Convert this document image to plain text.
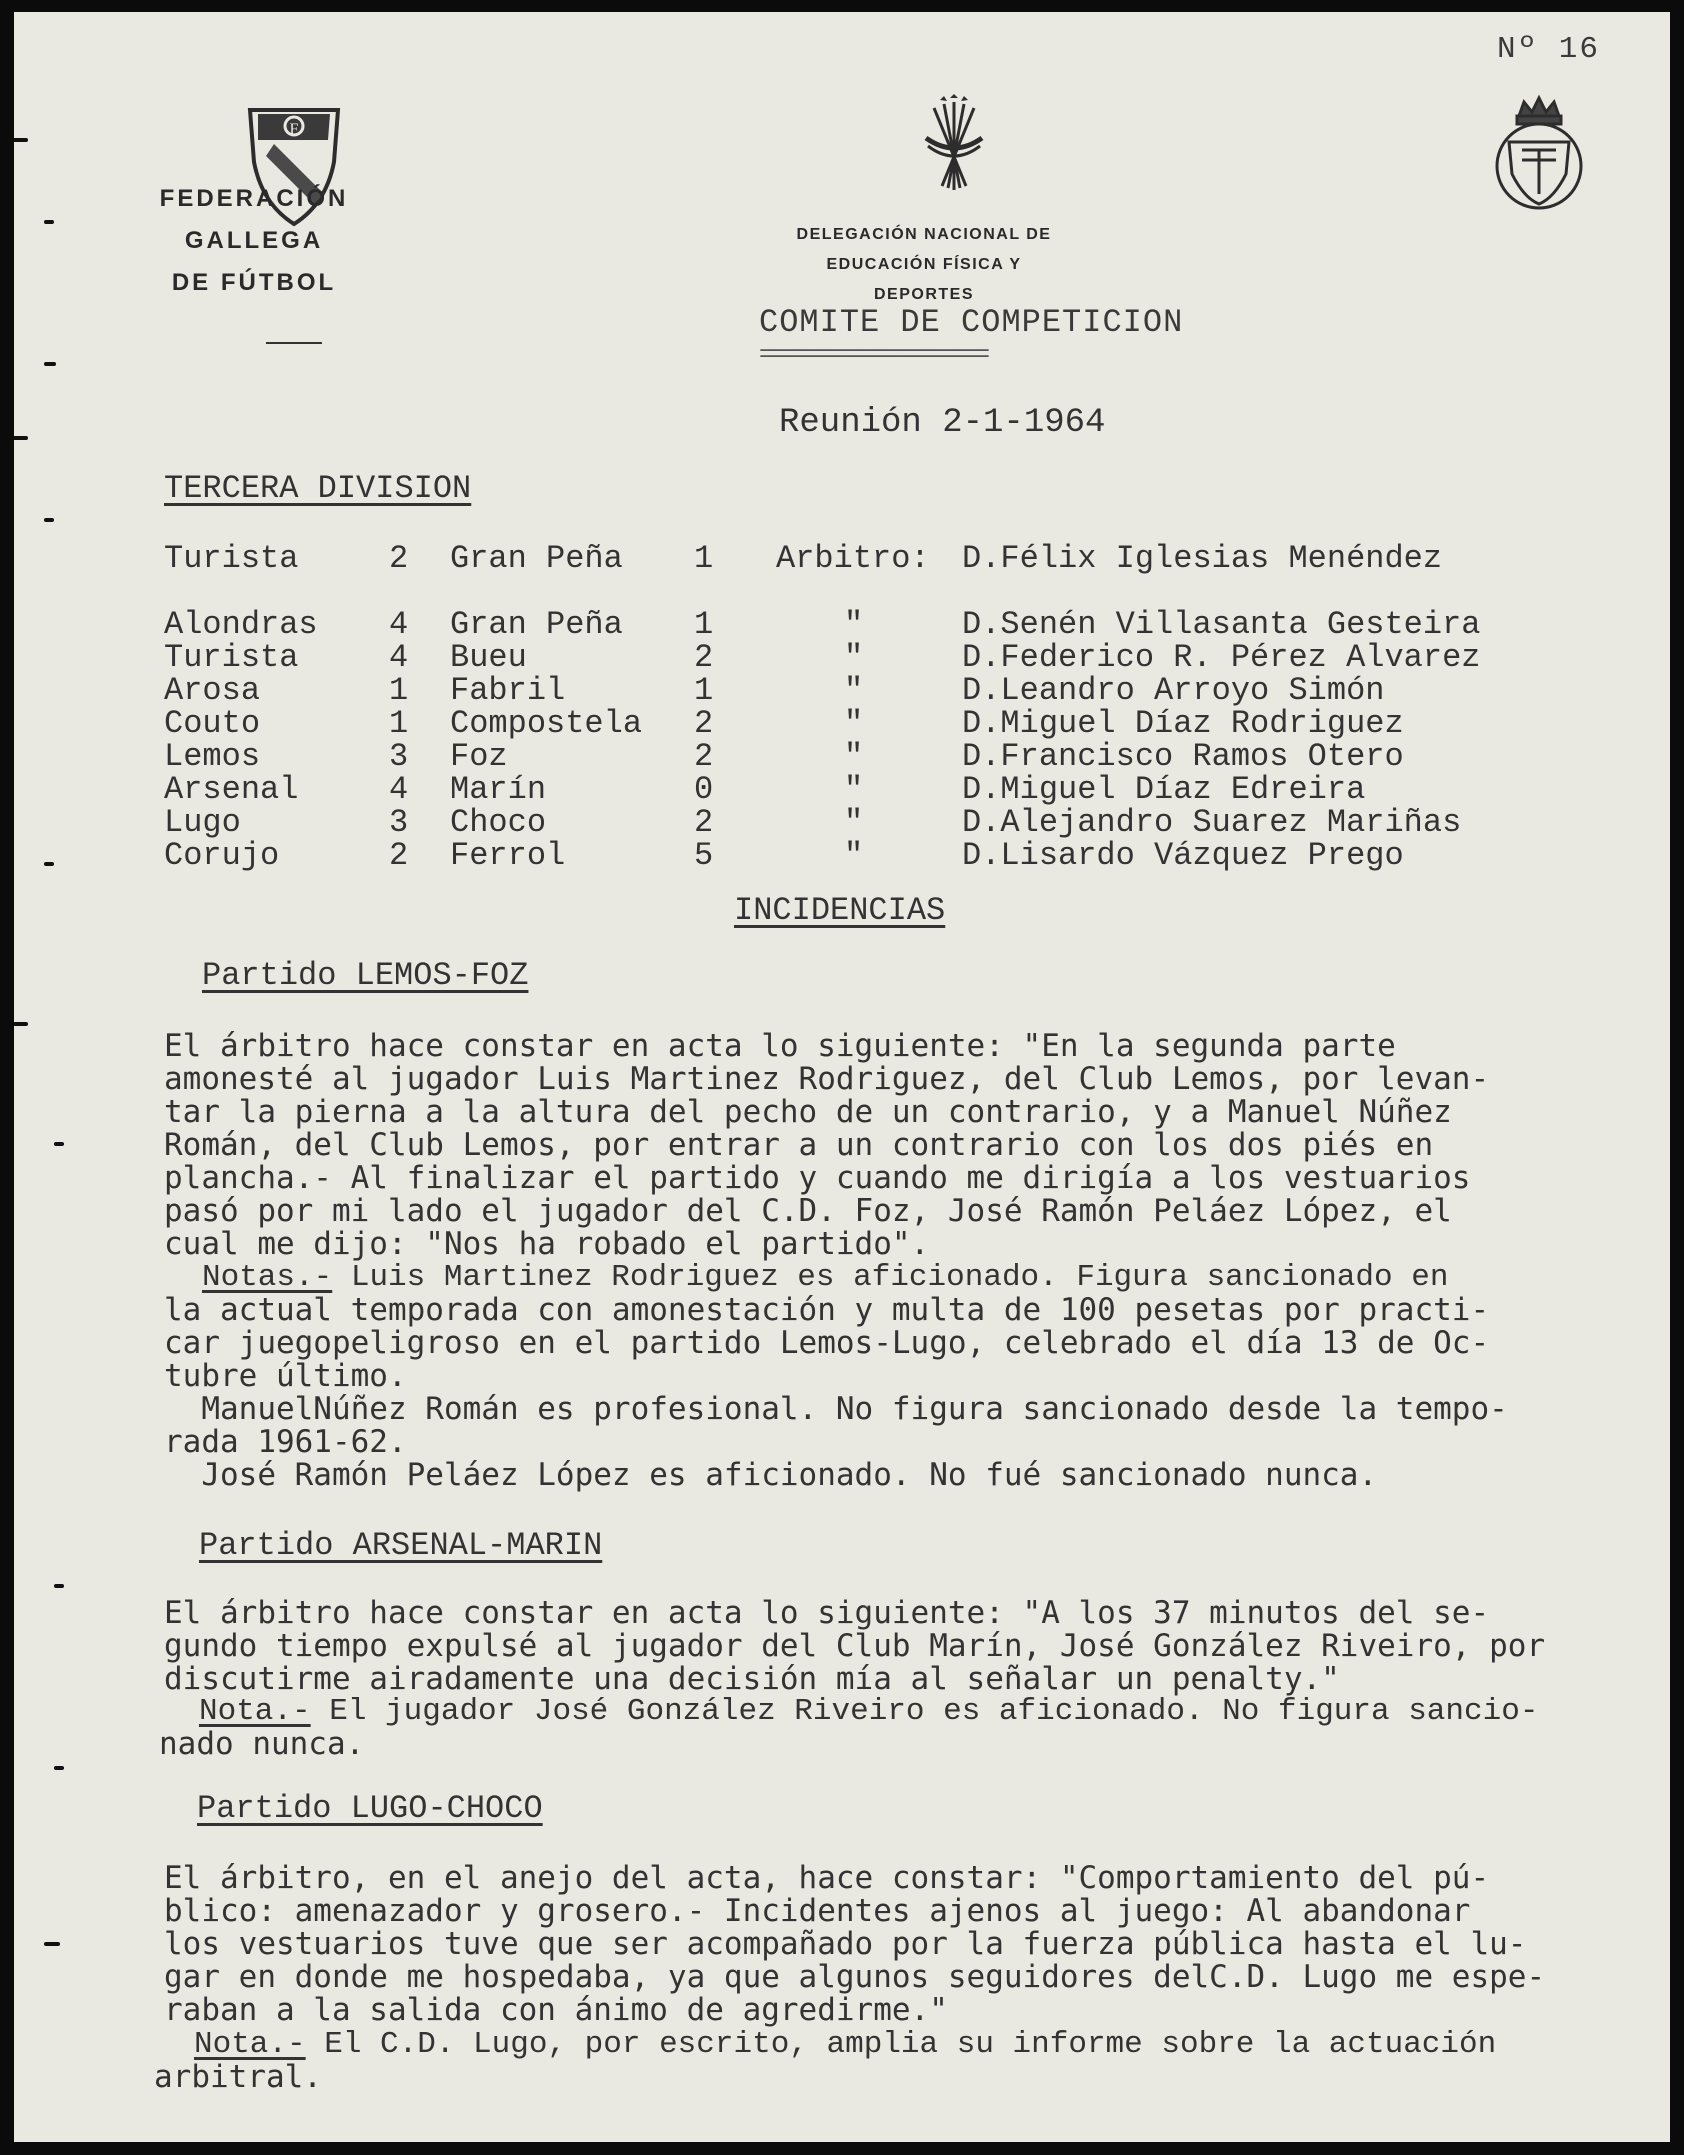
Nº 16
F
FEDERACIÓN GALLEGA
DE FÚTBOL
DELEGACIÓN NACIONAL DE
EDUCACIÓN FÍSICA Y DEPORTES
COMITE DE COMPETICION
====================
Reunión 2-1-1964
TERCERA DIVISION
Turista	2 Gran Peña 1 Arbitro: D.Félix Iglesias Menéndez
Alondras 4 Gran Peña 1	"	D.Senén Villasanta Gesteira
Turista	4 Bueu	2	"	D.Federico R. Pérez Alvarez
Arosa	1 Fabril	1	"	D.Leandro Arroyo Simón
Couto	1 Compostela 2	"	D.Miguel Díaz Rodriguez
Lemos	3 Foz	2	"	D.Francisco Ramos Otero
Arsenal	4 Marín	0	"	D.Miguel Díaz Edreira
Lugo	3 Choco	2	"	D.Alejandro Suarez Mariñas
Corujo	2 Ferrol	5	"	D.Lisardo Vázquez Prego
INCIDENCIAS
Partido LEMOS-FOZ
El árbitro hace constar en acta lo siguiente: "En la segunda parte
amonesté al jugador Luis Martinez Rodriguez, del Club Lemos, por levan-
tar la pierna a la altura del pecho de un contrario, y a Manuel Núñez
Román, del Club Lemos, por entrar a un contrario con los dos piés en
plancha.- Al finalizar el partido y cuando me dirigía a los vestuarios
pasó por mi lado el jugador del C.D. Foz, José Ramón Peláez López, el
cual me dijo: "Nos ha robado el partido".
Notas.- Luis Martinez Rodriguez es aficionado. Figura sancionado en
la actual temporada con amonestación y multa de 100 pesetas por practi-
car juegopeligroso en el partido Lemos-Lugo, celebrado el día 13 de Oc-
tubre último.
ManuelNúñez Román es profesional. No figura sancionado desde la tempo-
rada 1961-62.
José Ramón Peláez López es aficionado. No fué sancionado nunca.
Partido ARSENAL-MARIN
El árbitro hace constar en acta lo siguiente: "A los 37 minutos del se-
gundo tiempo expulsé al jugador del Club Marín, José González Riveiro, por
discutirme airadamente una decisión mía al señalar un penalty."
Nota.- El jugador José González Riveiro es aficionado. No figura sancio-
nado nunca.
Partido LUGO-CHOCO
El árbitro, en el anejo del acta, hace constar: "Comportamiento del pú-
blico: amenazador y grosero.- Incidentes ajenos al juego: Al abandonar
los vestuarios tuve que ser acompañado por la fuerza pública hasta el lu-
gar en donde me hospedaba, ya que algunos seguidores delC.D. Lugo me espe-
raban a la salida con ánimo de agredirme."
Nota.- El C.D. Lugo, por escrito, amplia su informe sobre la actuación
arbitral.
